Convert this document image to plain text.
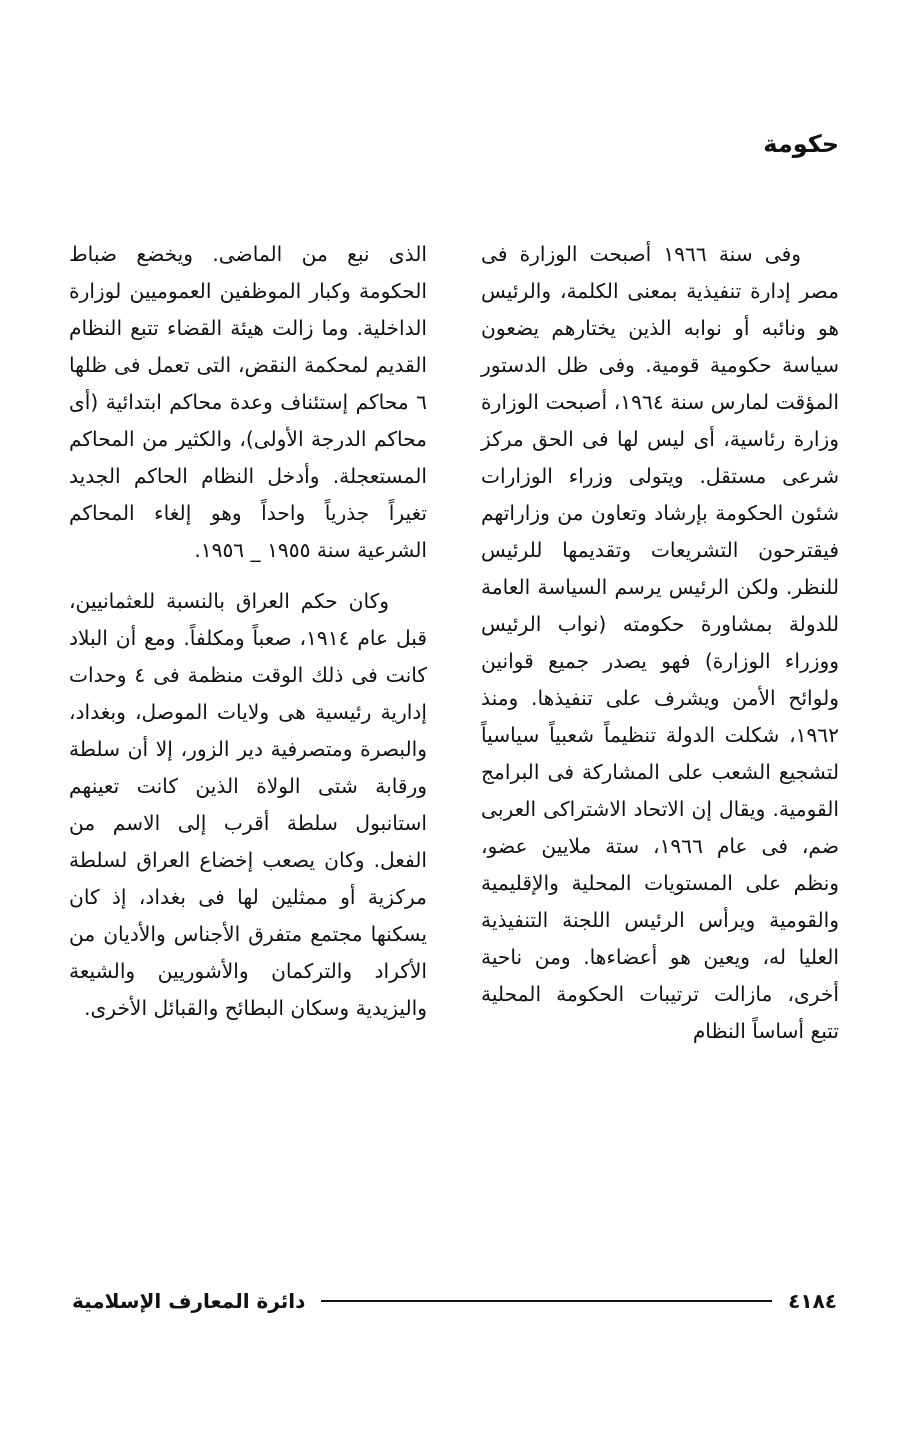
حكومة

وفى سنة ١٩٦٦ أصبحت الوزارة فى مصر إدارة تنفيذية بمعنى الكلمة، والرئيس هو ونائبه أو نوابه الذين يختارهم يضعون سياسة حكومية قومية. وفى ظل الدستور المؤقت لمارس سنة ١٩٦٤، أصبحت الوزارة وزارة رئاسية، أى ليس لها فى الحق مركز شرعى مستقل. ويتولى وزراء الوزارات شئون الحكومة بإرشاد وتعاون من وزاراتهم فيقترحون التشريعات وتقديمها للرئيس للنظر. ولكن الرئيس يرسم السياسة العامة للدولة بمشاورة حكومته (نواب الرئيس ووزراء الوزارة) فهو يصدر جميع قوانين ولوائح الأمن ويشرف على تنفيذها. ومنذ ١٩٦٢، شكلت الدولة تنظيماً شعبياً سياسياً لتشجيع الشعب على المشاركة فى البرامج القومية. ويقال إن الاتحاد الاشتراكى العربى ضم، فى عام ١٩٦٦، ستة ملايين عضو، ونظم على المستويات المحلية والإقليمية والقومية ويرأس الرئيس اللجنة التنفيذية العليا له، ويعين هو أعضاءها. ومن ناحية أخرى، مازالت ترتيبات الحكومة المحلية تتبع أساساً النظام

الذى نبع من الماضى. ويخضع ضباط الحكومة وكبار الموظفين العموميين لوزارة الداخلية. وما زالت هيئة القضاء تتبع النظام القديم لمحكمة النقض، التى تعمل فى ظلها ٦ محاكم إستئناف وعدة محاكم ابتدائية (أى محاكم الدرجة الأولى)، والكثير من المحاكم المستعجلة. وأدخل النظام الحاكم الجديد تغيراً جذرياً واحداً وهو إلغاء المحاكم الشرعية سنة ١٩٥٥ _ ١٩٥٦.

وكان حكم العراق بالنسبة للعثمانيين، قبل عام ١٩١٤، صعباً ومكلفاً. ومع أن البلاد كانت فى ذلك الوقت منظمة فى ٤ وحدات إدارية رئيسية هى ولايات الموصل، وبغداد، والبصرة ومتصرفية دير الزور، إلا أن سلطة ورقابة شتى الولاة الذين كانت تعينهم استانبول سلطة أقرب إلى الاسم من الفعل. وكان يصعب إخضاع العراق لسلطة مركزية أو ممثلين لها فى بغداد، إذ كان يسكنها مجتمع متفرق الأجناس والأديان من الأكراد والتركمان والأشوريين والشيعة واليزيدية وسكان البطائح والقبائل الأخرى.

٤١٨٤
دائرة المعارف الإسلامية
